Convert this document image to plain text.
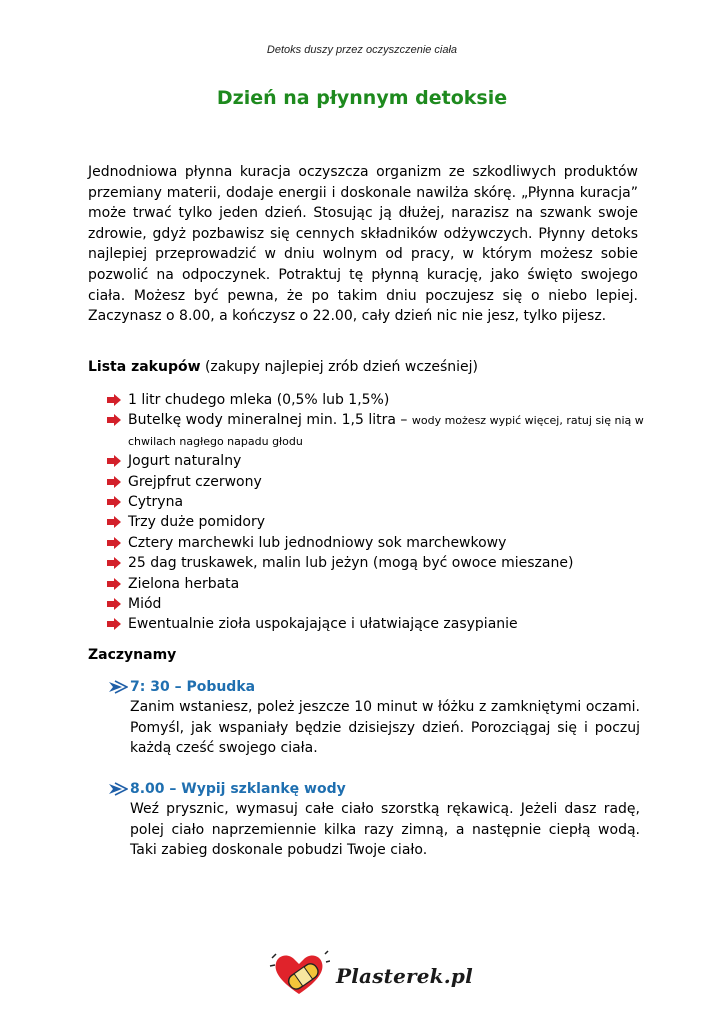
Detoks duszy przez oczyszczenie ciała
Dzień na płynnym detoksie

Jednodniowa płynna kuracja oczyszcza organizm ze szkodliwych produktów przemiany materii, dodaje energii i doskonale nawilża skórę. „Płynna kuracja” może trwać tylko jeden dzień. Stosując ją dłużej, narazisz na szwank swoje zdrowie, gdyż pozbawisz się cennych składników odżywczych. Płynny detoks najlepiej przeprowadzić w dniu wolnym od pracy, w którym możesz sobie pozwolić na odpoczynek. Potraktuj tę płynną kurację, jako święto swojego ciała. Możesz być pewna, że po takim dniu poczujesz się o niebo lepiej. Zaczynasz o 8.00, a kończysz o 22.00, cały dzień nic nie jesz, tylko pijesz.

Lista zakupów (zakupy najlepiej zrób dzień wcześniej)

1 litr chudego mleka (0,5% lub 1,5%)
Butelkę wody mineralnej min. 1,5 litra – wody możesz wypić więcej, ratuj się nią w chwilach nagłego napadu głodu
Jogurt naturalny
Grejpfrut czerwony
Cytryna
Trzy duże pomidory
Cztery marchewki lub jednodniowy sok marchewkowy
25 dag truskawek, malin lub jeżyn (mogą być owoce mieszane)
Zielona herbata
Miód
Ewentualnie zioła uspokajające i ułatwiające zasypianie

Zaczynamy

7: 30 – Pobudka

Zanim wstaniesz, poleż jeszcze 10 minut w łóżku z zamkniętymi oczami. Pomyśl, jak wspaniały będzie dzisiejszy dzień. Porozciągaj się i poczuj każdą cześć swojego ciała.

8.00 – Wypij szklankę wody

Weź prysznic, wymasuj całe ciało szorstką rękawicą. Jeżeli dasz radę, polej ciało naprzemiennie kilka razy zimną, a następnie ciepłą wodą. Taki zabieg doskonale pobudzi Twoje ciało.

Plasterek.pl
